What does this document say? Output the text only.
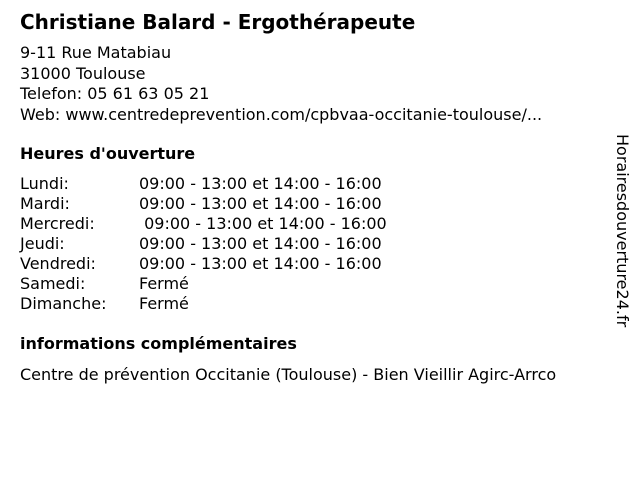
Christiane Balard - Ergothérapeute
9-11 Rue Matabiau
31000 Toulouse
Telefon: 05 61 63 05 21
Web: www.centredeprevention.com/cpbvaa-occitanie-toulouse/...
Heures d'ouverture
Lundi:	09:00 - 13:00 et 14:00 - 16:00
Mardi:	09:00 - 13:00 et 14:00 - 16:00
Mercredi:	09:00 - 13:00 et 14:00 - 16:00
Jeudi:	09:00 - 13:00 et 14:00 - 16:00
Vendredi:	09:00 - 13:00 et 14:00 - 16:00
Samedi:	Fermé
Dimanche: Fermé
informations complémentaires
Centre de prévention Occitanie (Toulouse) - Bien Vieillir Agirc-Arrco
Horairesdouverture24.fr
